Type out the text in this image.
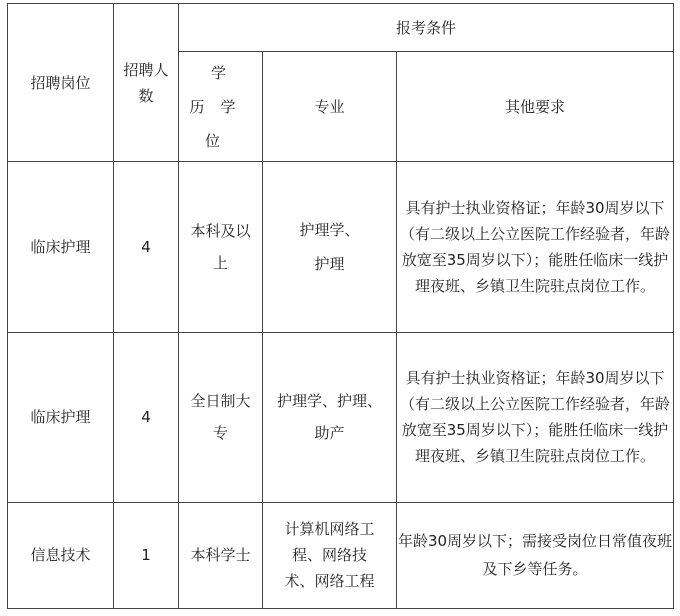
招聘岗位	招聘人数	报考条件		

		学历学位	专业	其他要求
临床护理	4	本科及以上	护理学、护理	具有护士执业资格证；年龄30周岁以下（有二级以上公立医院工作经验者，年龄放宽至35周岁以下）；能胜任临床一线护理夜班、乡镇卫生院驻点岗位工作。

临床护理	4	全日制大专	护理学、护理、助产	具有护士执业资格证；年龄30周岁以下（有二级以上公立医院工作经验者，年龄放宽至35周岁以下）；能胜任临床一线护理夜班、乡镇卫生院驻点岗位工作。

信息技术	1	本科学士	计算机网络工程、网络技术、网络工程	年龄30周岁以下；需接受岗位日常值夜班及下乡等任务。
